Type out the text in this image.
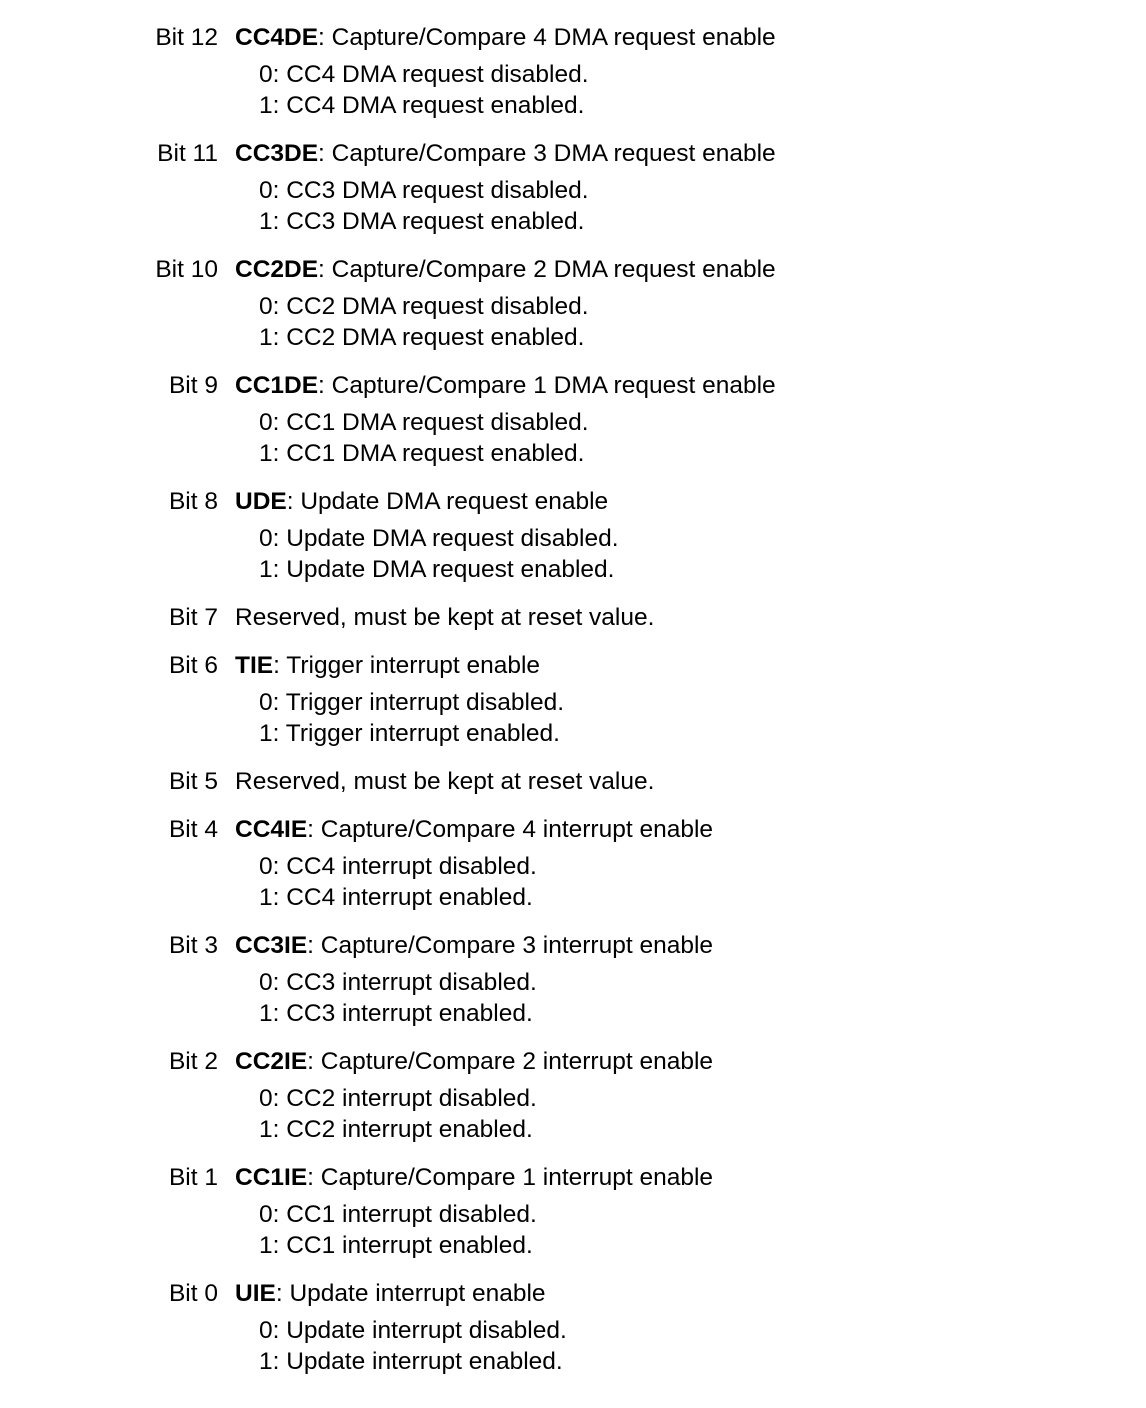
Bit 12 CC4DE: Capture/Compare 4 DMA request enable
0: CC4 DMA request disabled.
1: CC4 DMA request enabled.
Bit 11 CC3DE: Capture/Compare 3 DMA request enable
0: CC3 DMA request disabled.
1: CC3 DMA request enabled.
Bit 10 CC2DE: Capture/Compare 2 DMA request enable
0: CC2 DMA request disabled.
1: CC2 DMA request enabled.
Bit 9 CC1DE: Capture/Compare 1 DMA request enable
0: CC1 DMA request disabled.
1: CC1 DMA request enabled.
Bit 8 UDE: Update DMA request enable
0: Update DMA request disabled.
1: Update DMA request enabled.
Bit 7 Reserved, must be kept at reset value.
Bit 6 TIE: Trigger interrupt enable
0: Trigger interrupt disabled.
1: Trigger interrupt enabled.
Bit 5 Reserved, must be kept at reset value.
Bit 4 CC4IE: Capture/Compare 4 interrupt enable
0: CC4 interrupt disabled.
1: CC4 interrupt enabled.
Bit 3 CC3IE: Capture/Compare 3 interrupt enable
0: CC3 interrupt disabled.
1: CC3 interrupt enabled.
Bit 2 CC2IE: Capture/Compare 2 interrupt enable
0: CC2 interrupt disabled.
1: CC2 interrupt enabled.
Bit 1 CC1IE: Capture/Compare 1 interrupt enable
0: CC1 interrupt disabled.
1: CC1 interrupt enabled.
Bit 0 UIE: Update interrupt enable
0: Update interrupt disabled.
1: Update interrupt enabled.
